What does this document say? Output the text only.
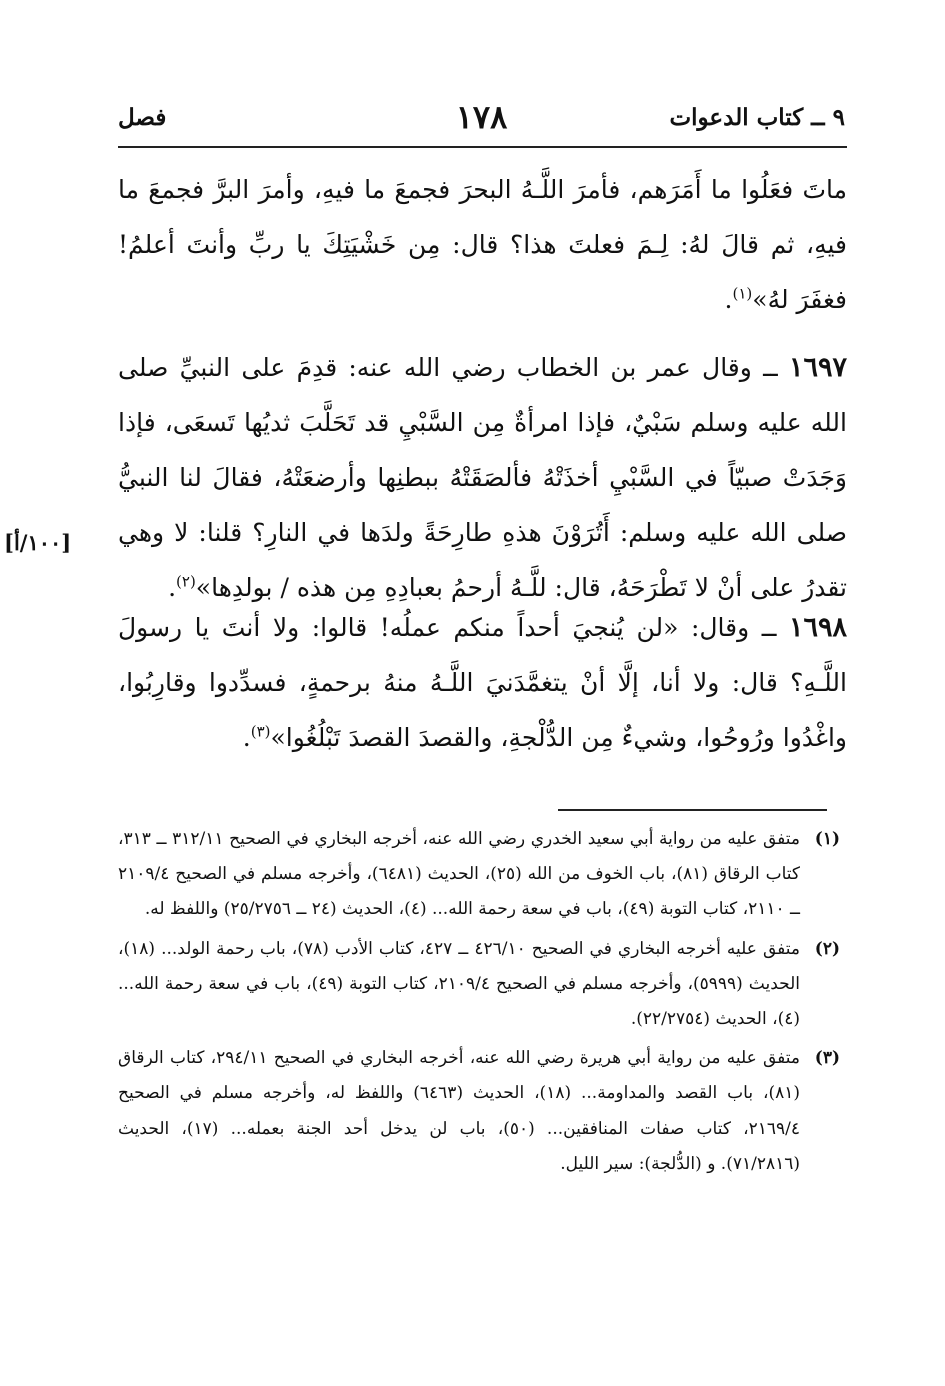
٩ ــ كتاب الدعوات
١٧٨
فصل

ماتَ فعَلُوا ما أَمَرَهم، فأمرَ اللَّـهُ البحرَ فجمعَ ما فيهِ، وأمرَ البرَّ فجمعَ ما فيهِ، ثم قالَ لهُ: لِـمَ فعلتَ هذا؟ قال: مِن خَشْيَتِكَ يا ربِّ وأنتَ أعلمُ! فغفَرَ لهُ»$^{(١)}$.

١٦٩٧ ــ وقال عمر بن الخطاب رضي الله عنه: قدِمَ على النبيِّ صلى الله عليه وسلم سَبْيٌ، فإذا امرأةٌ مِن السَّبْيِ قد تَحَلَّبَ ثديُها تَسعَى، فإذا وَجَدَتْ صبيّاً في السَّبْيِ أخذَتْهُ فألصَقَتْهُ ببطنِها وأرضعَتْهُ، فقالَ لنا النبيُّ صلى الله عليه وسلم: أَتُرَوْنَ هذهِ طارِحَةً ولدَها في النارِ؟ قلنا: لا وهي تقدرُ على أنْ لا تَطْرَحَهُ، قال: للَّـهُ أرحمُ بعبادِهِ مِن هذه / بولدِها»$^{(٢)}$.

[١٠٠/أ]

١٦٩٨ ــ وقال: «لن يُنجيَ أحداً منكم عملُه! قالوا: ولا أنتَ يا رسولَ اللَّـهِ؟ قال: ولا أنا، إلَّا أنْ يتغمَّدَنيَ اللَّـهُ منهُ برحمةٍ، فسدِّدوا وقارِبُوا، واغْدُوا ورُوحُوا، وشيءٌ مِن الدُّلْجةِ، والقصدَ القصدَ تَبْلُغُوا»$^{(٣)}$.

(١)
متفق عليه من رواية أبي سعيد الخدري رضي الله عنه، أخرجه البخاري في الصحيح ٣١٢/١١ ــ ٣١٣، كتاب الرقاق (٨١)، باب الخوف من الله (٢٥)، الحديث (٦٤٨١)، وأخرجه مسلم في الصحيح ٢١٠٩/٤ ــ ٢١١٠، كتاب التوبة (٤٩)، باب في سعة رحمة الله... (٤)، الحديث (٢٤ ــ ٢٥/٢٧٥٦) واللفظ له.
(٢)
متفق عليه أخرجه البخاري في الصحيح ٤٢٦/١٠ ــ ٤٢٧، كتاب الأدب (٧٨)، باب رحمة الولد... (١٨)، الحديث (٥٩٩٩)، وأخرجه مسلم في الصحيح ٢١٠٩/٤، كتاب التوبة (٤٩)، باب في سعة رحمة الله... (٤)، الحديث (٢٢/٢٧٥٤).
(٣)
متفق عليه من رواية أبي هريرة رضي الله عنه، أخرجه البخاري في الصحيح ٢٩٤/١١، كتاب الرقاق (٨١)، باب القصد والمداومة... (١٨)، الحديث (٦٤٦٣) واللفظ له، وأخرجه مسلم في الصحيح ٢١٦٩/٤، كتاب صفات المنافقين... (٥٠)، باب لن يدخل أحد الجنة بعمله... (١٧)، الحديث (٧١/٢٨١٦). و (الدُّلجة): سير الليل.
